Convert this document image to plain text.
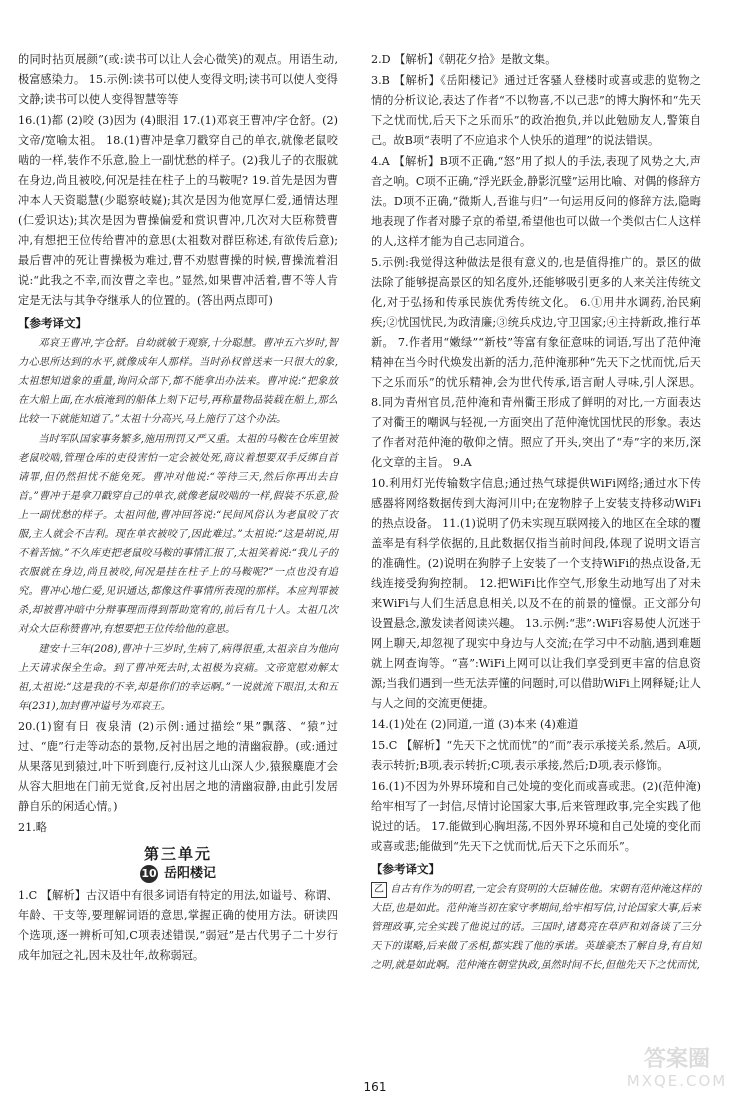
的同时拈页展颜”(或:读书可以让人会心微笑)的观点。用语生动,极富感染力。 15.示例:读书可以使人变得文明;读书可以使人变得文静;读书可以使人变得智慧等等

16.(1)都 (2)咬 (3)因为 (4)眼泪 17.(1)邓哀王曹冲/字仓舒。(2)文帝/宽喻太祖。 18.(1)曹冲是拿刀戳穿自己的单衣,就像老鼠咬啮的一样,装作不乐意,脸上一副忧愁的样子。(2)我儿子的衣服就在身边,尚且被咬,何况是挂在柱子上的马鞍呢? 19.首先是因为曹冲本人天资聪慧(少聪察岐嶷);其次是因为他宽厚仁爱,通情达理(仁爱识达);其次是因为曹操偏爱和赏识曹冲,几次对大臣称赞曹冲,有想把王位传给曹冲的意思(太祖数对群臣称述,有欲传后意);最后曹冲的死让曹操极为难过,曹不劝慰曹操的时候,曹操流着泪说:“此我之不幸,而汝曹之幸也。”显然,如果曹冲活着,曹不等人肯定是无法与其争夺继承人的位置的。(答出两点即可)

【 参考译文 】

邓哀王曹冲,字仓舒。自幼就敏于观察,十分聪慧。曹冲五六岁时,智力心思所达到的水平,就像成年人那样。当时孙权曾送来一只很大的象,太祖想知道象的重量,询问众部下,都不能拿出办法来。曹冲说:“把象放在大船上面,在水痕淹到的船体上刻下记号,再称量物品装载在船上,那么比较一下就能知道了。”太祖十分高兴,马上施行了这个办法。

当时军队国家事务繁多,施用刑罚又严又重。太祖的马鞍在仓库里被老鼠咬啮,管理仓库的吏役害怕一定会被处死,商议着想要双手反绑自首请罪,但仍然担忧不能免死。曹冲对他说:“等待三天,然后你再出去自首。”曹冲于是拿刀戳穿自己的单衣,就像老鼠咬啮的一样,假装不乐意,脸上一副忧愁的样子。太祖问他,曹冲回答说:“民间风俗认为老鼠咬了衣服,主人就会不吉利。现在单衣被咬了,因此难过。”太祖说:“这是胡说,用不着苦恼。”不久库吏把老鼠咬马鞍的事情汇报了,太祖笑着说:“我儿子的衣服就在身边,尚且被咬,何况是挂在柱子上的马鞍呢?”一点也没有追究。曹冲心地仁爱,见识通达,都像这件事情所表现的那样。本应判罪被杀,却被曹冲暗中分辩事理而得到帮助宽宥的,前后有几十人。太祖几次对众大臣称赞曹冲,有想要把王位传给他的意思。

建安十三年(208),曹冲十三岁时,生病了,病得很重,太祖亲自为他向上天请求保全生命。到了曹冲死去时,太祖极为哀痛。文帝宽慰劝解太祖,太祖说:“这是我的不幸,却是你们的幸运啊。”一说就流下眼泪,太和五年(231),加封曹冲谥号为邓哀王。

20.(1)窗有日 夜泉清 (2)示例:通过描绘“果”飘落、“猿”过过、“鹿”行走等动态的景物,反衬出居之地的清幽寂静。(或:通过从果落见到猿过,叶下听到鹿行,反衬这儿山深人少,猿猴麋鹿才会从容大胆地在门前无觉食,反衬出居之地的清幽寂静,由此引发居静自乐的闲适心情。)

21.略

第三单元
10 岳阳楼记

1.C 【解析】古汉语中有很多词语有特定的用法,如谥号、称谓、年龄、干支等,要理解词语的意思,掌握正确的使用方法。研读四个选项,逐一辨析可知,C项表述错误,“弱冠”是古代男子二十岁行成年加冠之礼,因未及壮年,故称弱冠。

2.D 【解析】《朝花夕拾》是散文集。

3.B 【解析】《岳阳楼记》通过迁客骚人登楼时或喜或悲的览物之情的分析议论,表达了作者“不以物喜,不以己悲”的博大胸怀和“先天下之忧而忧,后天下之乐而乐”的政治抱负,并以此勉励友人,警策自己。故B项“表明了不应追求个人快乐的道理”的说法错误。

4.A 【解析】B项不正确,“怒”用了拟人的手法,表现了风势之大,声音之响。C项不正确,“浮光跃金,静影沉璧”运用比喻、对偶的修辞方法。D项不正确,“微斯人,吾谁与归”一句运用反问的修辞方法,隐晦地表现了作者对滕子京的希望,希望他也可以做一个类似古仁人这样的人,这样才能为自己志同道合。

5.示例:我觉得这种做法是很有意义的,也是值得推广的。景区的做法除了能够提高景区的知名度外,还能够吸引更多的人来关注传统文化,对于弘扬和传承民族优秀传统文化。 6.①用井水调药,治民痢疾;②忧国忧民,为政清廉;③统兵戍边,守卫国家;④主持新政,推行革新。 7.作者用“嫩绿”“新枝”等富有象征意味的词语,写出了范仲淹精神在当今时代焕发出新的活力,范仲淹那种“先天下之忧而忧,后天下之乐而乐”的忧乐精神,会为世代传承,语言耐人寻味,引人深思。 8.同为青州官员,范仲淹和青州衢王形成了鲜明的对比,一方面表达了对衢王的嘲讽与轻视,一方面突出了范仲淹忧国忧民的形象。表达了作者对范仲淹的敬仰之情。照应了开头,突出了“寿”字的来历,深化文章的主旨。 9.A

10.利用灯光传输数字信息;通过热气球提供WiFi网络;通过水下传感器将网络数据传到大海河川中;在宠物脖子上安装支持移动WiFi的热点设备。 11.(1)说明了仍未实现互联网接入的地区在全球的覆盖率是有科学依据的,且此数据仅指当前时间段,体现了说明文语言的准确性。(2)说明在狗脖子上安装了一个支持WiFi的热点设备,无线连接受狗狗控制。 12.把WiFi比作空气,形象生动地写出了对未来WiFi与人们生活息息相关,以及不在的前景的憧憬。正文部分句设置悬念,激发读者阅读兴趣。 13.示例:“悲”:WiFi容易使人沉迷于网上聊天,却忽视了现实中身边与人交流;在学习中不动脑,遇到难题就上网查询等。“喜”:WiFi上网可以让我们享受到更丰富的信息资源;当我们遇到一些无法弄懂的问题时,可以借助WiFi上网释疑;让人与人之间的交流更便捷。

14.(1)处在 (2)同道,一道 (3)本来 (4)难道

15.C 【解析】“先天下之忧而忧”的“而”表示承接关系,然后。A项,表示转折;B项,表示转折;C项,表示承接,然后;D项,表示修饰。

16.(1)不因为外界环境和自己处境的变化而或喜或悲。(2)(范仲淹)给牢相写了一封信,尽情讨论国家大事,后来管理政事,完全实践了他说过的话。 17.能做到心胸坦荡,不因外界环境和自己处境的变化而或喜或悲;能做到“先天下之忧而忧,后天下之乐而乐”。

【 参考译文 】

乙 自古有作为的明君,一定会有贤明的大臣辅佐他。宋朝有范仲淹这样的大臣,也是如此。范仲淹当初在家守孝期间,给牢相写信,讨论国家大事,后来管理政事,完全实践了他说过的话。三国时,诸葛亮在草庐和刘备谈了三分天下的谋略,后来做了丞相,都实践了他的承诺。英雄豪杰了解自身,有自知之明,就是如此啊。范仲淹在朝堂执政,虽然时间不长,但他先天下之忧而忧,

161
答案圈
MXQE.COM
